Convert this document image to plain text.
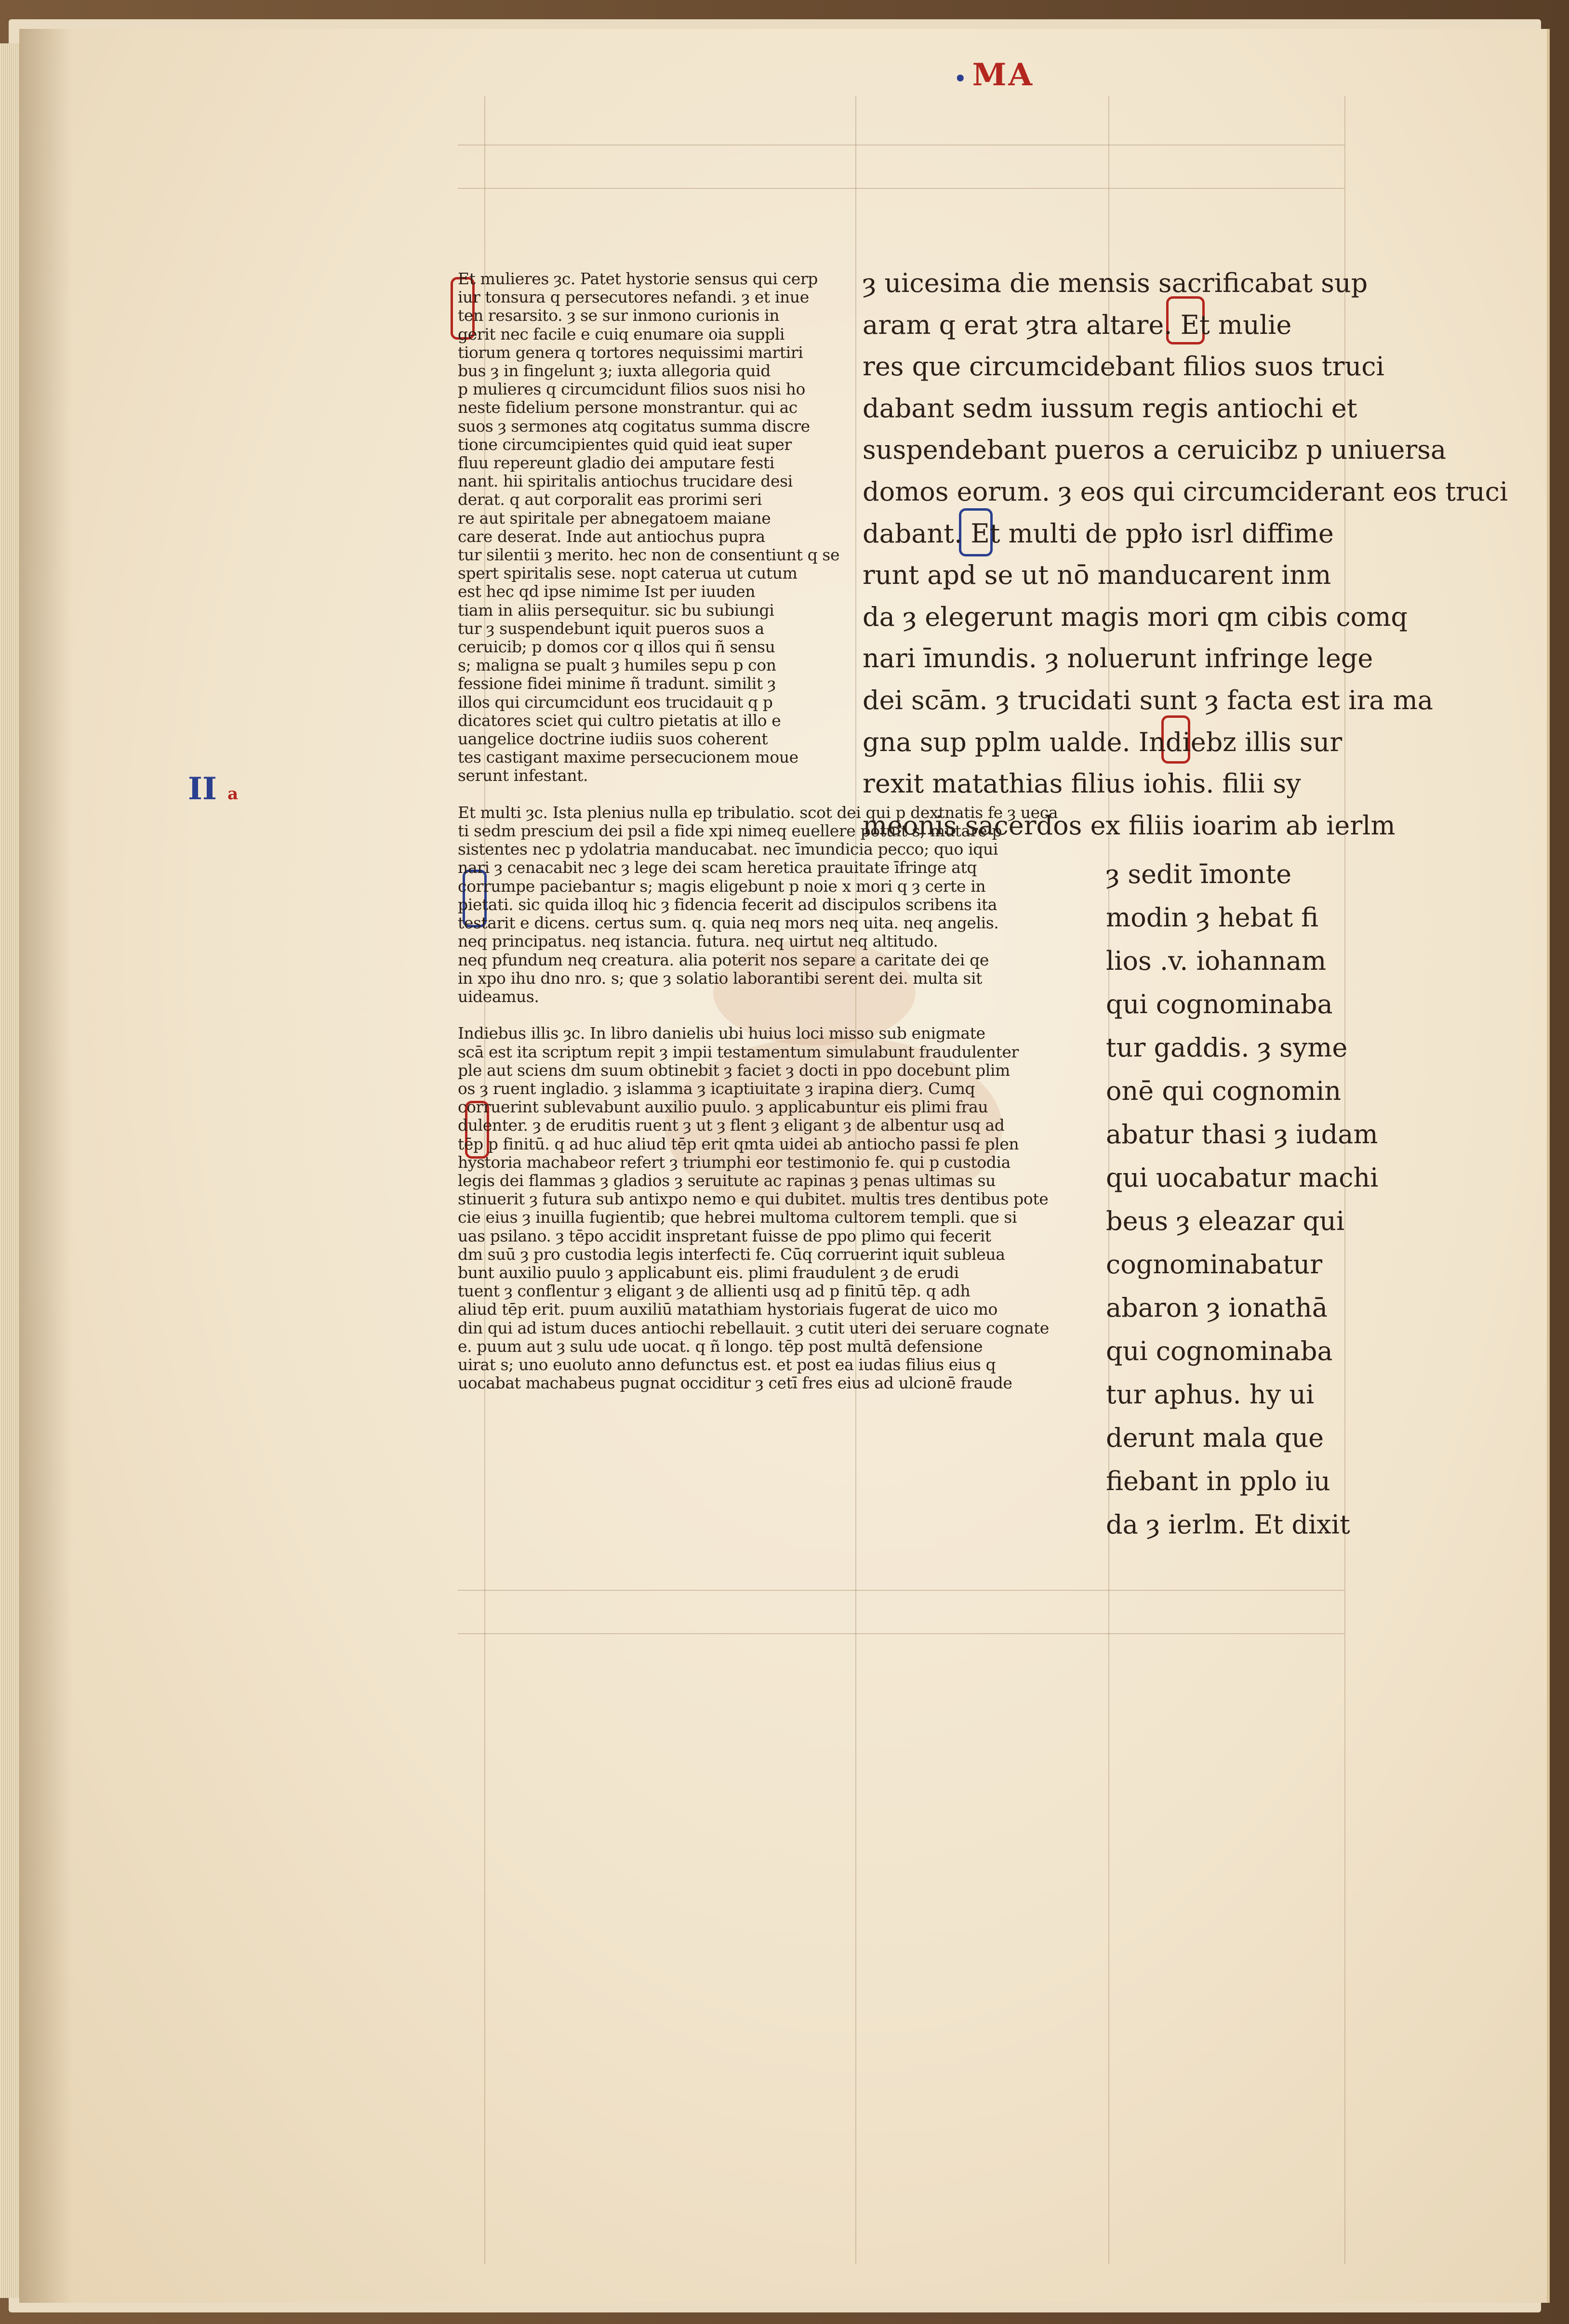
• MA
II a

Et mulieres ȝc. Patet hystorie sensus qui cerp

iur tonsura q persecutores nefandi. ȝ et inue

ten resarsito. ȝ se sur inmono curionis in

gerit nec facile e cuiq enumare oia suppli

tiorum genera q tortores nequissimi martiri

bus ȝ in fingelunt ȝ; iuxta allegoria quid

p mulieres q circumcidunt filios suos nisi ho

neste fidelium persone monstrantur. qui ac

suos ȝ sermones atq cogitatus summa discre

tione circumcipientes quid quid ieat super

fluu repereunt gladio dei amputare festi

nant. hii spiritalis antiochus trucidare desi

derat. q aut corporalit eas prorimi seri

re aut spiritale per abnegatoem maiane

care deserat. Inde aut antiochus pupra

tur silentii ȝ merito. hec non de consentiunt q se

spert spiritalis sese. nopt caterua ut cutum

est hec qd ipse nimime Ist per iuuden

tiam in aliis persequitur. sic bu subiungi

tur ȝ suspendebunt iquit pueros suos a

ceruicib; p domos cor q illos qui ñ sensu

s; maligna se pualt ȝ humiles sepu p con

fessione fidei minime ñ tradunt. similit ȝ

illos qui circumcidunt eos trucidauit q p

dicatores sciet qui cultro pietatis at illo e

uangelice doctrine iudiis suos coherent

tes castigant maxime persecucionem moue

serunt infestant.

Et multi ȝc. Ista plenius nulla ep tribulatio. scot dei qui p dextnatis fe ȝ ueca

ti sedm prescium dei psil a fide xpi nimeq euellere potuit s; mutare p

sistentes nec p ydolatria manducabat. nec īmundicia pecco; quo iqui

nari ȝ cenacabit nec ȝ lege dei scam heretica prauitate īfringe atq

corrumpe paciebantur s; magis eligebunt p noie x mori q ȝ certe in

pietati. sic quida illoq hic ȝ fidencia fecerit ad discipulos scribens ita

testarit e dicens. certus sum. q. quia neq mors neq uita. neq angelis.

neq principatus. neq istancia. futura. neq uirtut neq altitudo.

neq pfundum neq creatura. alia poterit nos separe a caritate dei qe

in xpo ihu dno nro. s; que ȝ solatio laborantibi serent dei. multa sit

uideamus.

Indiebus illis ȝc. In libro danielis ubi huius loci misso sub enigmate

scā est ita scriptum repit ȝ impii testamentum simulabunt fraudulenter

ple aut sciens dm suum obtinebit ȝ faciet ȝ docti in ppo docebunt plim

os ȝ ruent ingladio. ȝ islamma ȝ icaptiuitate ȝ irapina dierȝ. Cumq

corruerint sublevabunt auxilio puulo. ȝ applicabuntur eis plimi frau

dulenter. ȝ de eruditis ruent ȝ ut ȝ flent ȝ eligant ȝ de albentur usq ad

tēp p finitū. q ad huc aliud tēp erit qmta uidei ab antiocho passi fe plen

hystoria machabeor refert ȝ triumphi eor testimonio fe. qui p custodia

legis dei flammas ȝ gladios ȝ seruitute ac rapinas ȝ penas ultimas su

stinuerit ȝ futura sub antixpo nemo e qui dubitet. multis tres dentibus pote

cie eius ȝ inuilla fugientib; que hebrei multoma cultorem templi. que si

uas psilano. ȝ tēpo accidit inspretant fuisse de ppo plimo qui fecerit

dm suū ȝ pro custodia legis interfecti fe. Cūq corruerint iquit subleua

bunt auxilio puulo ȝ applicabunt eis. plimi fraudulent ȝ de erudi

tuent ȝ conflentur ȝ eligant ȝ de allienti usq ad p finitū tēp. q adh

aliud tēp erit. puum auxiliū matathiam hystoriais fugerat de uico mo

din qui ad istum duces antiochi rebellauit. ȝ cutit uteri dei seruare cognate

e. puum aut ȝ sulu ude uocat. q ñ longo. tēp post multā defensione

uirat s; uno euoluto anno defunctus est. et post ea iudas filius eius q

uocabat machabeus pugnat occiditur ȝ cetī fres eius ad ulcionē fraude

ȝ uicesima die mensis sacrificabat sup

aram q erat ȝtra altare. Et mulie

res que circumcidebant filios suos truci

dabant sedm iussum regis antiochi et

suspendebant pueros a ceruicibz p uniuersa

domos eorum. ȝ eos qui circumciderant eos truci

dabant. Et multi de ppło isrl diffime

runt apd se ut nō manducarent inm

da ȝ elegerunt magis mori qm cibis comq

nari īmundis. ȝ noluerunt infringe lege

dei scām. ȝ trucidati sunt ȝ facta est ira ma

gna sup pplm ualde. Indiebz illis sur

rexit matathias filius iohis. filii sy

meonis sacerdos ex filiis ioarim ab ierlm

ȝ sedit īmonte

modin ȝ hebat fi

lios .v. iohannam

qui cognominaba

tur gaddis. ȝ syme

onē qui cognomin

abatur thasi ȝ iudam

qui uocabatur machi

beus ȝ eleazar qui

cognominabatur

abaron ȝ ionathā

qui cognominaba

tur aphus. hy ui

derunt mala que

fiebant in pplo iu

da ȝ ierlm. Et dixit
